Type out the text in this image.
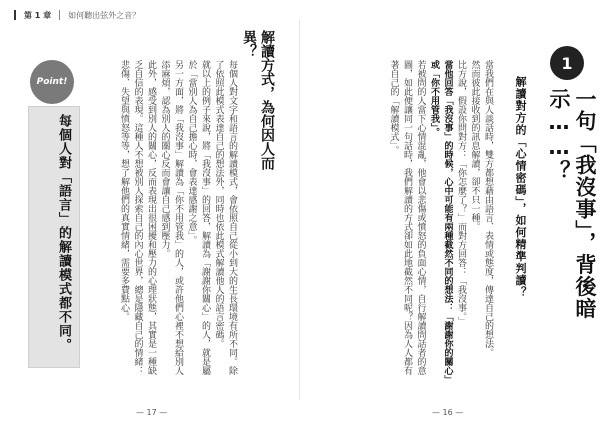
第 1 章 如何聽出弦外之音？
Point!
每個人對「語言」的解讀模式都不同。
解讀方式，為何因人而異？

每個人對文字和語言的解讀模式，會依照自己從小到大的生長環境有所不同。除了依照此模式表達自己的想法外，同時也依此模式解讀他人的語言密碼。

就以上的例子來說，將「我沒事」的回答，解讀為「謝謝你關心」的人，就是屬於「當別人為自己擔心時，會表達感謝之意」。

另一方面，將「我沒事」解讀為「你不用管我」的人，或許他們心裡不想給別人添麻煩，認為別人的關心反而會讓自己感到壓力。

此外，感受到別人的關心，反而表現出很困擾和壓力的心理狀態，其實是一種缺乏自信的表現。這種人不想被別人探索自己的內心世界，總是隱藏自己的情緒：悲傷、失望與憤怒等等，想了解他們的真實情緒，需要多費點心。

— 17 —
1
一句「我沒事」，背後暗示……？
解讀對方的「心情密碼」，如何精準判讀？

當我們在與人談話時，雙方都想藉由語言、表情或態度，傳達自己的想法。

然而彼此接收到的訊息解讀，卻不只一種。

比方說，假設你問對方：「你怎麼了？」而對方回答：「我沒事。」

當他回答「我沒事」的時候，心中可能有兩種截然不同的想法：「謝謝你的關心」或「你不用管我」。

若被問的人當下心情混亂，他會以悲傷或憤怒的負面心情，自行解讀問話者的意圖，如此便讓同一句話時，我們解讀的方式卻如此地截然不同呢？因為人人都有著自己的「解讀模式」。

— 16 —
